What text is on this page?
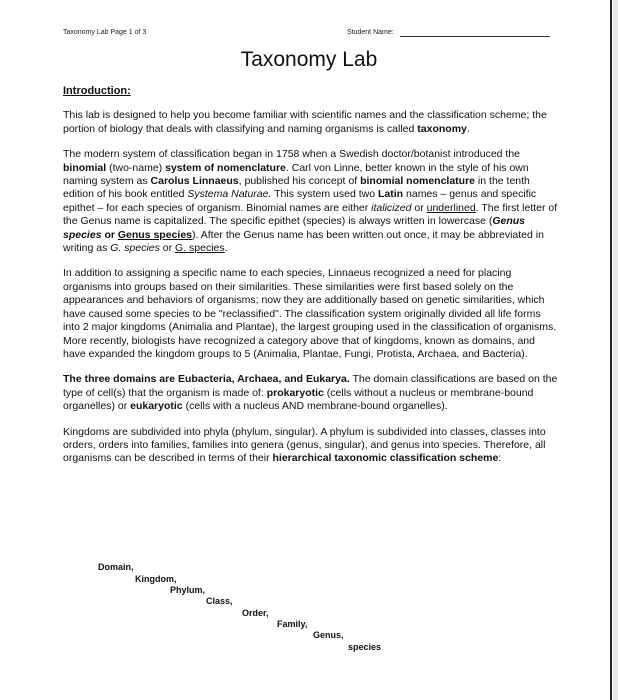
Taxonomy Lab Page 1 of 3	Student Name:
Taxonomy Lab
Introduction:

This lab is designed to help you become familiar with scientific names and the classification scheme; the portion of biology that deals with classifying and naming organisms is called taxonomy.

The modern system of classification began in 1758 when a Swedish doctor/botanist introduced the binomial (two-name) system of nomenclature. Carl von Linne, better known in the style of his own naming system as Carolus Linnaeus, published his concept of binomial nomenclature in the tenth edition of his book entitled Systema Naturae. This system used two Latin names – genus and specific epithet – for each species of organism. Binomial names are either italicized or underlined. The first letter of the Genus name is capitalized. The specific epithet (species) is always written in lowercase (Genus species or Genus species). After the Genus name has been written out once, it may be abbreviated in writing as G. species or G. species.

In addition to assigning a specific name to each species, Linnaeus recognized a need for placing organisms into groups based on their similarities. These similarities were first based solely on the appearances and behaviors of organisms; now they are additionally based on genetic similarities, which have caused some species to be "reclassified". The classification system originally divided all life forms into 2 major kingdoms (Animalia and Plantae), the largest grouping used in the classification of organisms. More recently, biologists have recognized a category above that of kingdoms, known as domains, and have expanded the kingdom groups to 5 (Animalia, Plantae, Fungi, Protista, Archaea, and Bacteria).

The three domains are Eubacteria, Archaea, and Eukarya. The domain classifications are based on the type of cell(s) that the organism is made of: prokaryotic (cells without a nucleus or membrane-bound organelles) or eukaryotic (cells with a nucleus AND membrane-bound organelles).

Kingdoms are subdivided into phyla (phylum, singular). A phylum is subdivided into classes, classes into orders, orders into families, families into genera (genus, singular), and genus into species. Therefore, all organisms can be described in terms of their hierarchical taxonomic classification scheme:

Domain,
Kingdom,
Phylum,
Class,
Order,
Family,
Genus,
species
